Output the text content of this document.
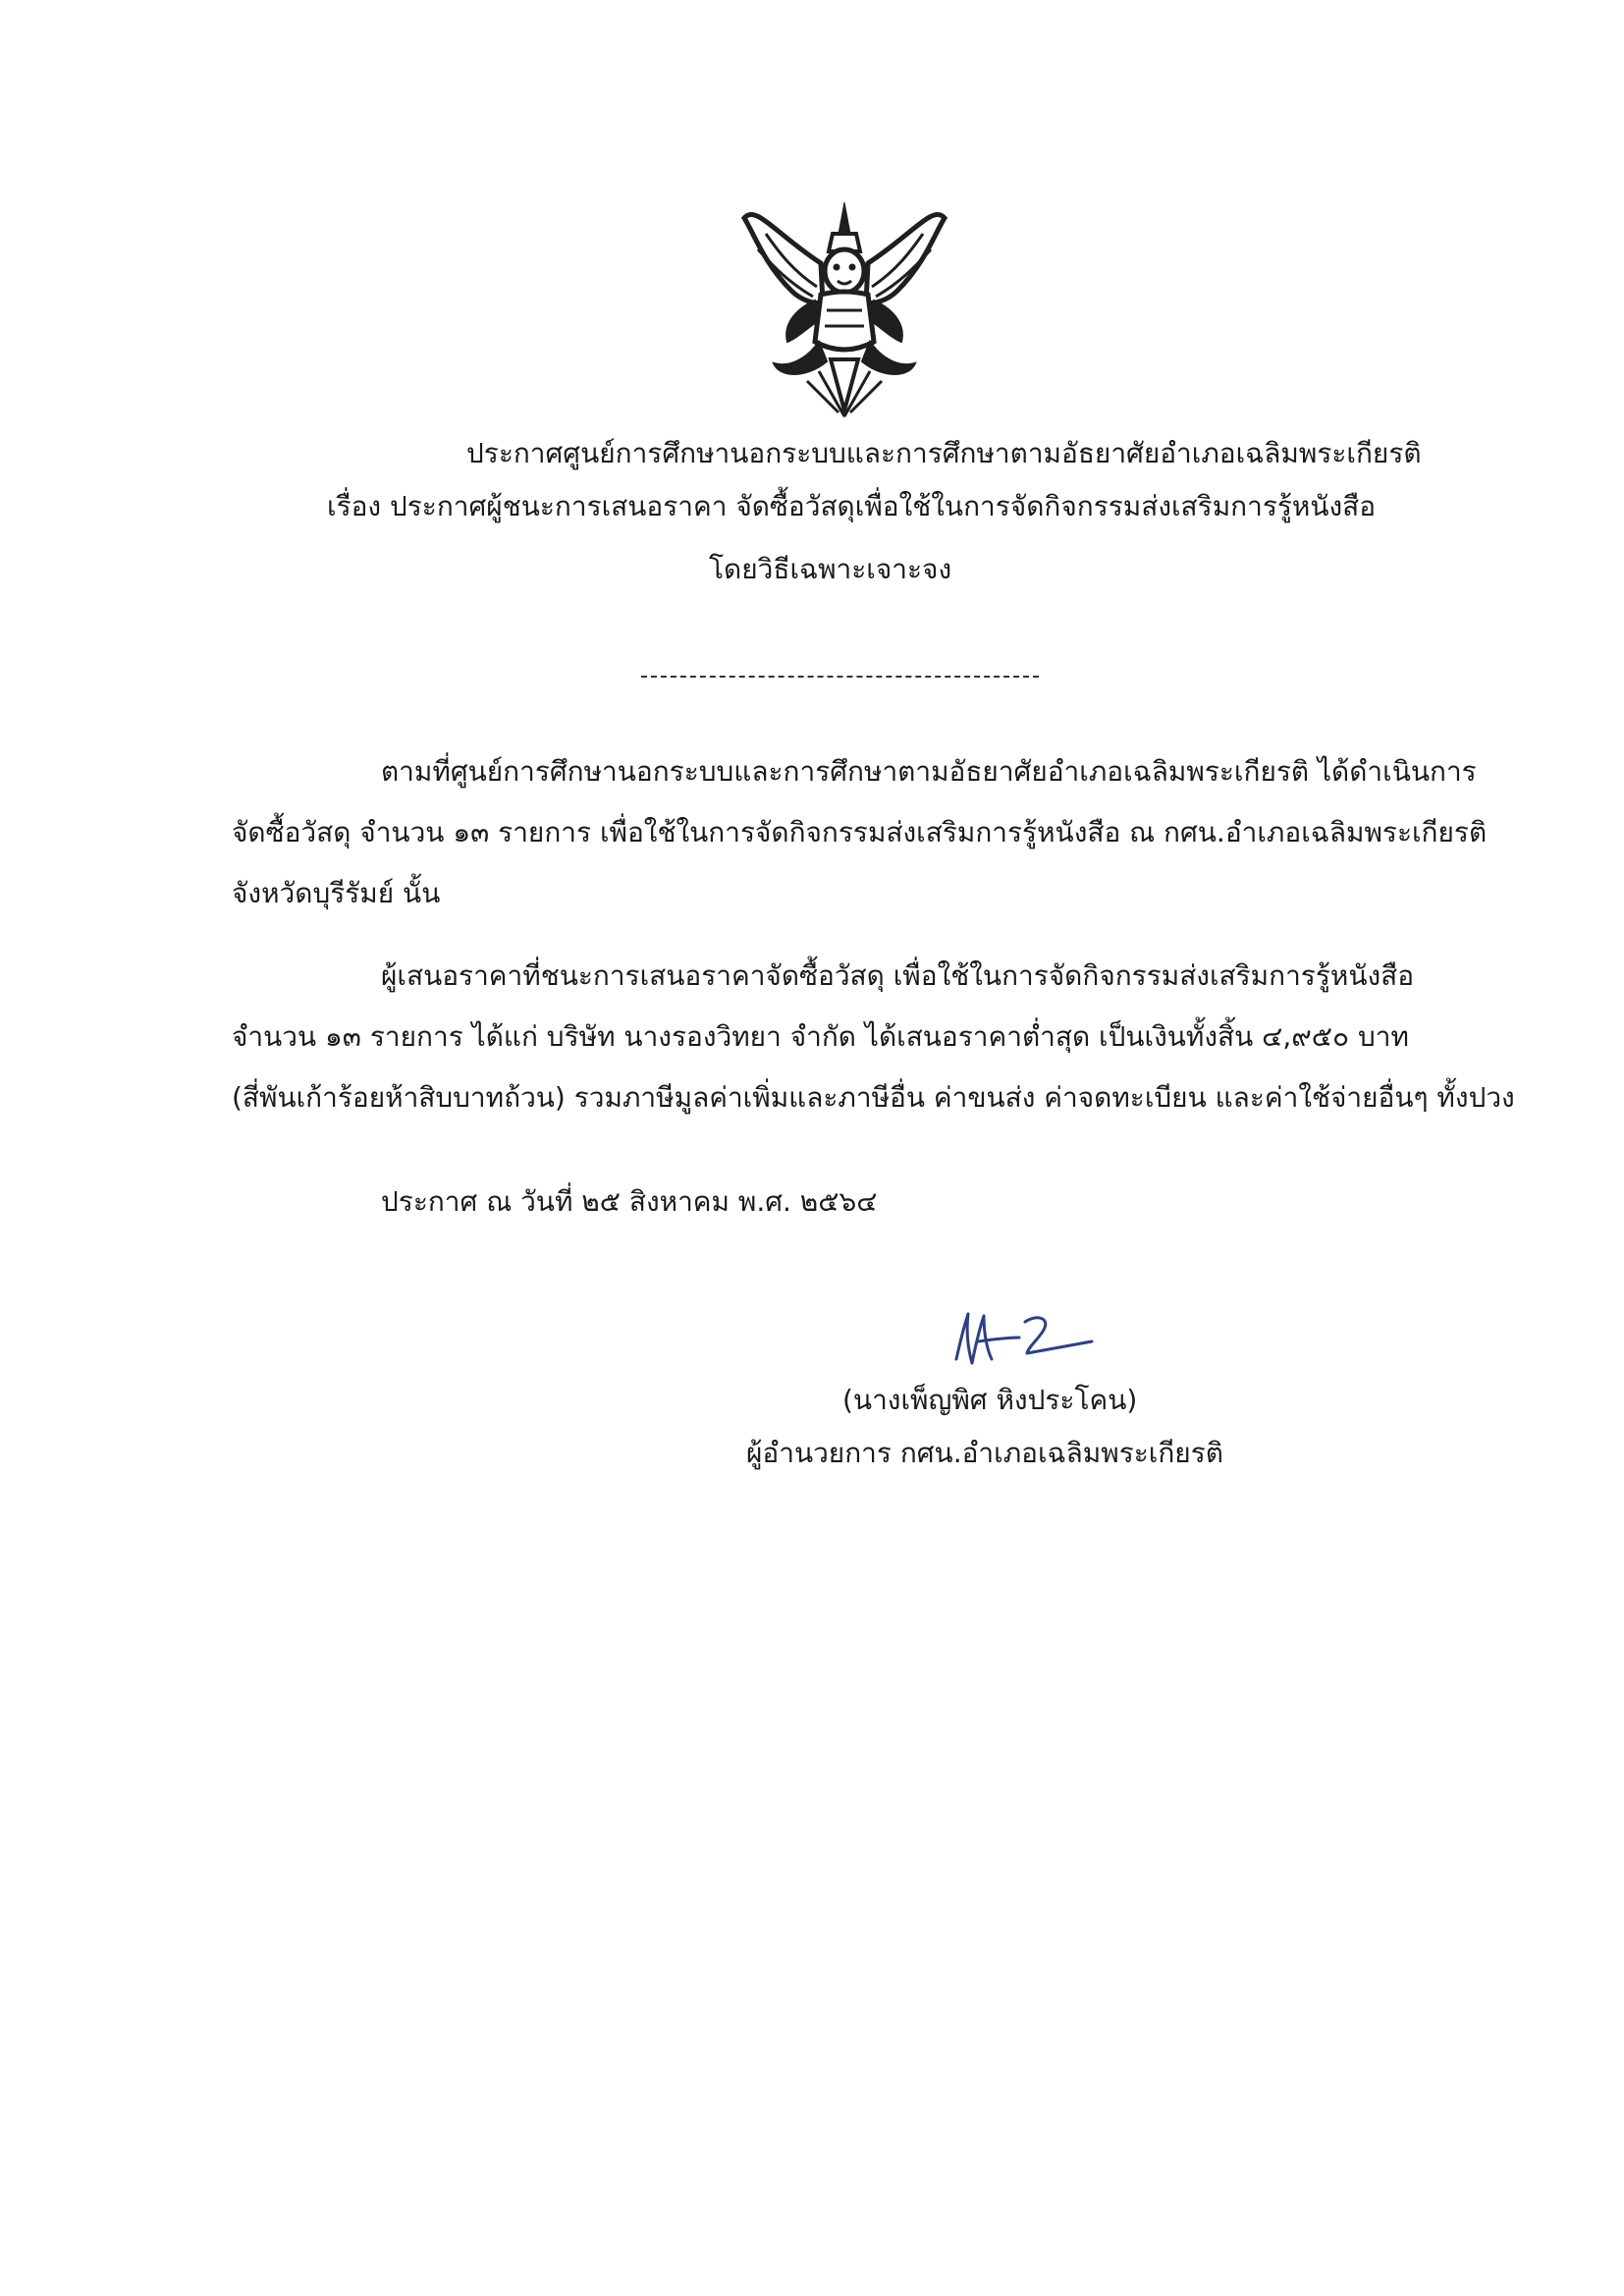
ประกาศศูนย์การศึกษานอกระบบและการศึกษาตามอัธยาศัยอำเภอเฉลิมพระเกียรติ
เรื่อง ประกาศผู้ชนะการเสนอราคา จัดซื้อวัสดุเพื่อใช้ในการจัดกิจกรรมส่งเสริมการรู้หนังสือ
โดยวิธีเฉพาะเจาะจง
ตามที่ศูนย์การศึกษานอกระบบและการศึกษาตามอัธยาศัยอำเภอเฉลิมพระเกียรติ ได้ดำเนินการ
จัดซื้อวัสดุ จำนวน ๑๓ รายการ เพื่อใช้ในการจัดกิจกรรมส่งเสริมการรู้หนังสือ ณ กศน.อำเภอเฉลิมพระเกียรติ
จังหวัดบุรีรัมย์ นั้น
ผู้เสนอราคาที่ชนะการเสนอราคาจัดซื้อวัสดุ เพื่อใช้ในการจัดกิจกรรมส่งเสริมการรู้หนังสือ
จำนวน ๑๓ รายการ ได้แก่ บริษัท นางรองวิทยา จำกัด ได้เสนอราคาต่ำสุด เป็นเงินทั้งสิ้น ๔,๙๕๐ บาท
(สี่พันเก้าร้อยห้าสิบบาทถ้วน) รวมภาษีมูลค่าเพิ่มและภาษีอื่น ค่าขนส่ง ค่าจดทะเบียน และค่าใช้จ่ายอื่นๆ ทั้งปวง
ประกาศ ณ วันที่ ๒๕ สิงหาคม พ.ศ. ๒๕๖๔
(นางเพ็ญพิศ หิงประโคน)
ผู้อำนวยการ กศน.อำเภอเฉลิมพระเกียรติ
